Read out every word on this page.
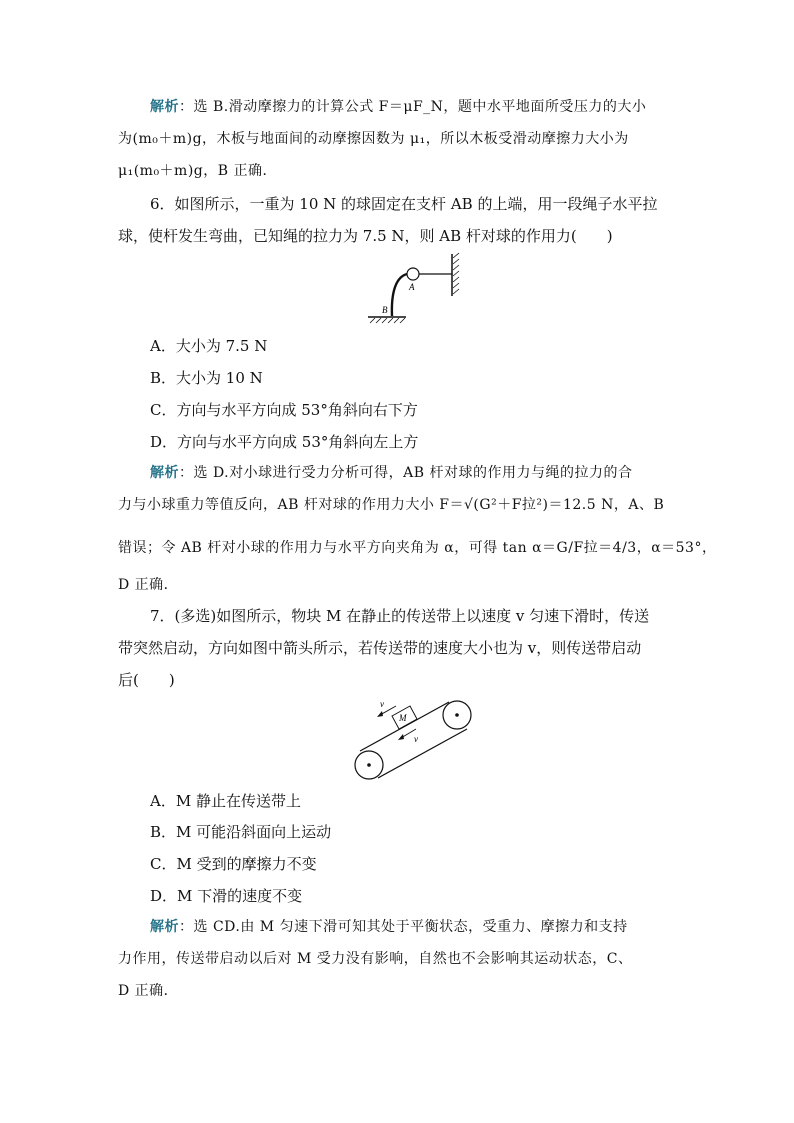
解析：选 B.滑动摩擦力的计算公式 F＝μF_N，题中水平地面所受压力的大小
为(m₀＋m)g，木板与地面间的动摩擦因数为 μ₁，所以木板受滑动摩擦力大小为
μ₁(m₀＋m)g，B 正确．
6．如图所示，一重为 10 N 的球固定在支杆 AB 的上端，用一段绳子水平拉
球，使杆发生弯曲，已知绳的拉力为 7.5 N，则 AB 杆对球的作用力(　　)
A
B
A．大小为 7.5 N
B．大小为 10 N
C．方向与水平方向成 53°角斜向右下方
D．方向与水平方向成 53°角斜向左上方
解析：选 D.对小球进行受力分析可得，AB 杆对球的作用力与绳的拉力的合
力与小球重力等值反向，AB 杆对球的作用力大小 F＝√(G²＋F拉²)＝12.5 N，A、B
错误；令 AB 杆对小球的作用力与水平方向夹角为 α，可得 tan α＝G/F拉＝4/3，α＝53°，
D 正确．
7．(多选)如图所示，物块 M 在静止的传送带上以速度 v 匀速下滑时，传送
带突然启动，方向如图中箭头所示，若传送带的速度大小也为 v，则传送带启动
后(　　)
M
v
v
A．M 静止在传送带上
B．M 可能沿斜面向上运动
C．M 受到的摩擦力不变
D．M 下滑的速度不变
解析：选 CD.由 M 匀速下滑可知其处于平衡状态，受重力、摩擦力和支持
力作用，传送带启动以后对 M 受力没有影响，自然也不会影响其运动状态，C、
D 正确．
